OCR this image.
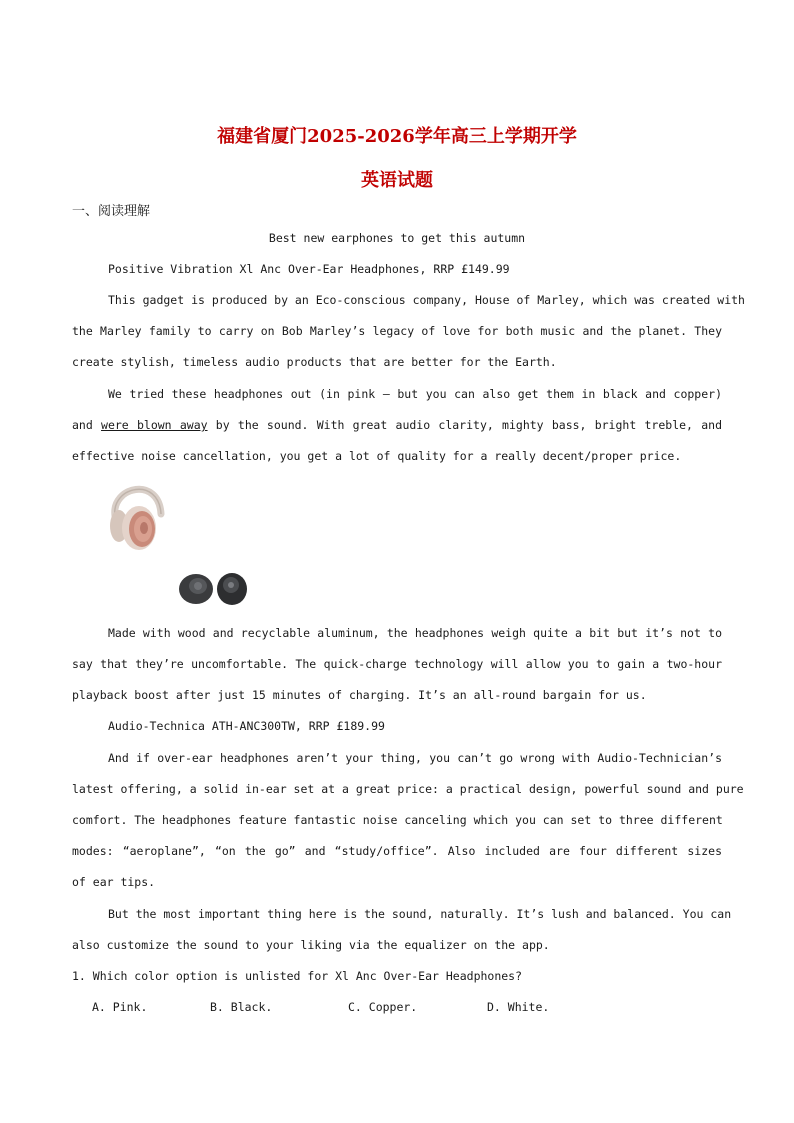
福建省厦门2025-2026学年高三上学期开学
英语试题
一、阅读理解
Best new earphones to get this autumn
Positive Vibration Xl Anc Over-Ear Headphones, RRP £149.99
This gadget is produced by an Eco-conscious company, House of Marley, which was created with
the Marley family to carry on Bob Marley’s legacy of love for both music and the planet. They
create stylish, timeless audio products that are better for the Earth.
We tried these headphones out (in pink — but you can also get them in black and copper)
and were blown away by the sound. With great audio clarity, mighty bass, bright treble, and
effective noise cancellation, you get a lot of quality for a really decent/proper price.
Made with wood and recyclable aluminum, the headphones weigh quite a bit but it’s not to
say that they’re uncomfortable. The quick-charge technology will allow you to gain a two-hour
playback boost after just 15 minutes of charging. It’s an all-round bargain for us.
Audio-Technica ATH-ANC300TW, RRP £189.99
And if over-ear headphones aren’t your thing, you can’t go wrong with Audio-Technician’s
latest offering, a solid in-ear set at a great price: a practical design, powerful sound and pure
comfort. The headphones feature fantastic noise canceling which you can set to three different
modes: “aeroplane”, “on the go” and “study/office”. Also included are four different sizes
of ear tips.
But the most important thing here is the sound, naturally. It’s lush and balanced. You can
also customize the sound to your liking via the equalizer on the app.
1. Which color option is unlisted for Xl Anc Over-Ear Headphones?
A. Pink.	B. Black.	C. Copper.	D. White.
